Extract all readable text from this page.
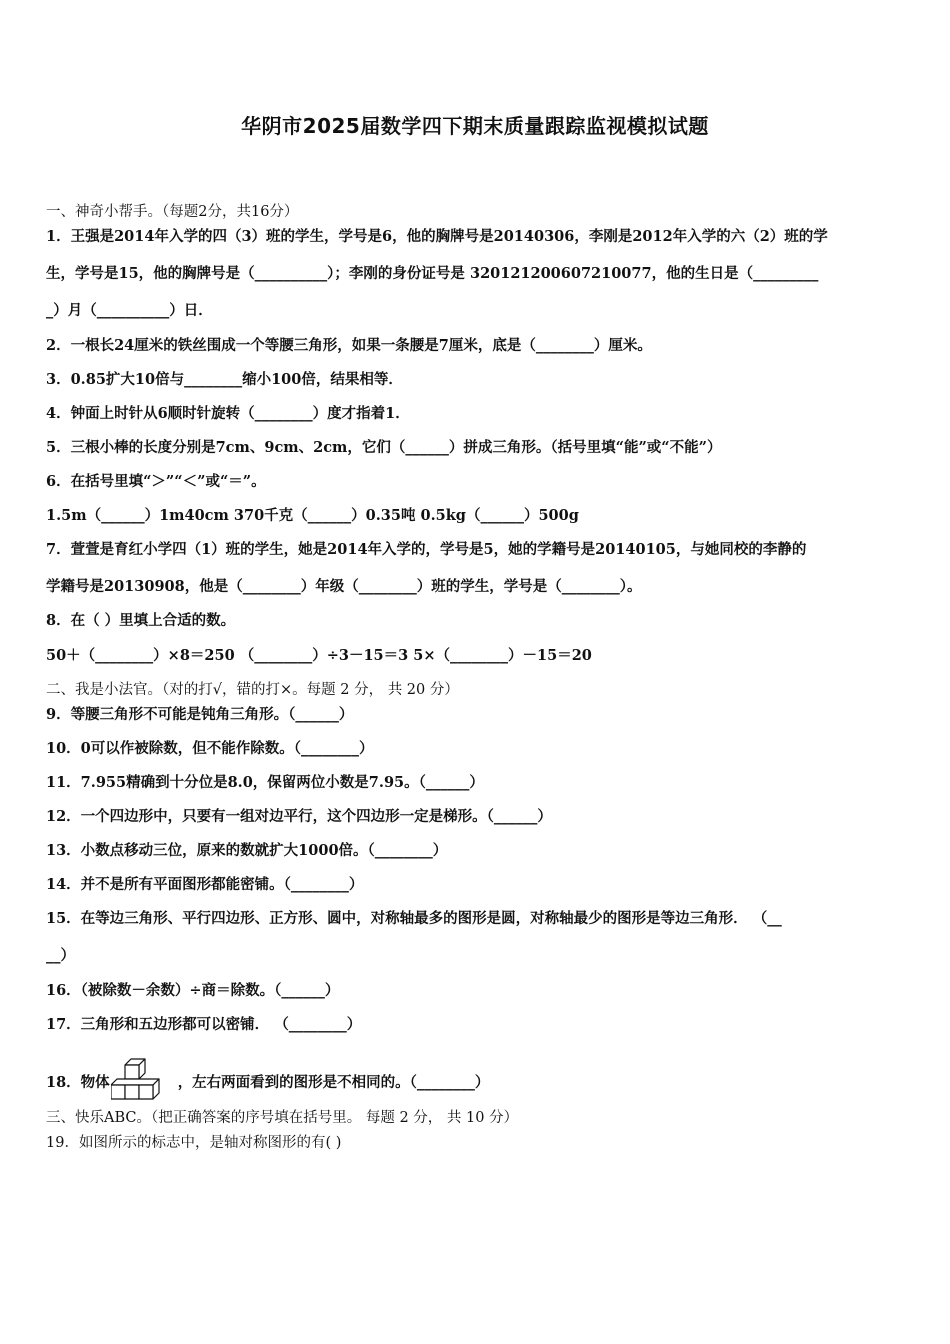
华阴市2025届数学四下期末质量跟踪监视模拟试题
一、神奇小帮手。（每题2分，共16分）
1．王强是2014年入学的四（3）班的学生，学号是6，他的胸牌号是20140306，李刚是2012年入学的六（2）班的学
生，学号是15，他的胸牌号是（__________）；李刚的身份证号是 320121200607210077，他的生日是（_________
_）月（__________）日．
2．一根长24厘米的铁丝围成一个等腰三角形，如果一条腰是7厘米，底是（________）厘米。
3．0.85扩大10倍与________缩小100倍，结果相等．
4．钟面上时针从6顺时针旋转（________）度才指着1．
5．三根小棒的长度分别是7cm、9cm、2cm，它们（______）拼成三角形。（括号里填“能”或“不能”）
6．在括号里填“＞”“＜”或“＝”。
1.5m（______）1m40cm 370千克（______）0.35吨 0.5kg（______）500g
7．萱萱是育红小学四（1）班的学生，她是2014年入学的，学号是5，她的学籍号是20140105，与她同校的李静的
学籍号是20130908，他是（________）年级（________）班的学生，学号是（________）。
8．在（ ）里填上合适的数。
50＋（________）×8＝250 （________）÷3－15＝3 5×（________）－15＝20
二、我是小法官。（对的打√，错的打×。每题 2 分， 共 20 分）
9．等腰三角形不可能是钝角三角形。（______）
10．0可以作被除数，但不能作除数。（________）
11．7.955精确到十分位是8.0，保留两位小数是7.95。（______）
12．一个四边形中，只要有一组对边平行，这个四边形一定是梯形。（______）
13．小数点移动三位，原来的数就扩大1000倍。（________）
14．并不是所有平面图形都能密铺。（________）
15．在等边三角形、平行四边形、正方形、圆中，对称轴最多的图形是圆，对称轴最少的图形是等边三角形． （__
__）
16．（被除数－余数）÷商＝除数。（______）
17．三角形和五边形都可以密铺． （________）
18．物体	，左右两面看到的图形是不相同的。（________）
三、快乐ABC。（把正确答案的序号填在括号里。 每题 2 分， 共 10 分）
19．如图所示的标志中，是轴对称图形的有( )
